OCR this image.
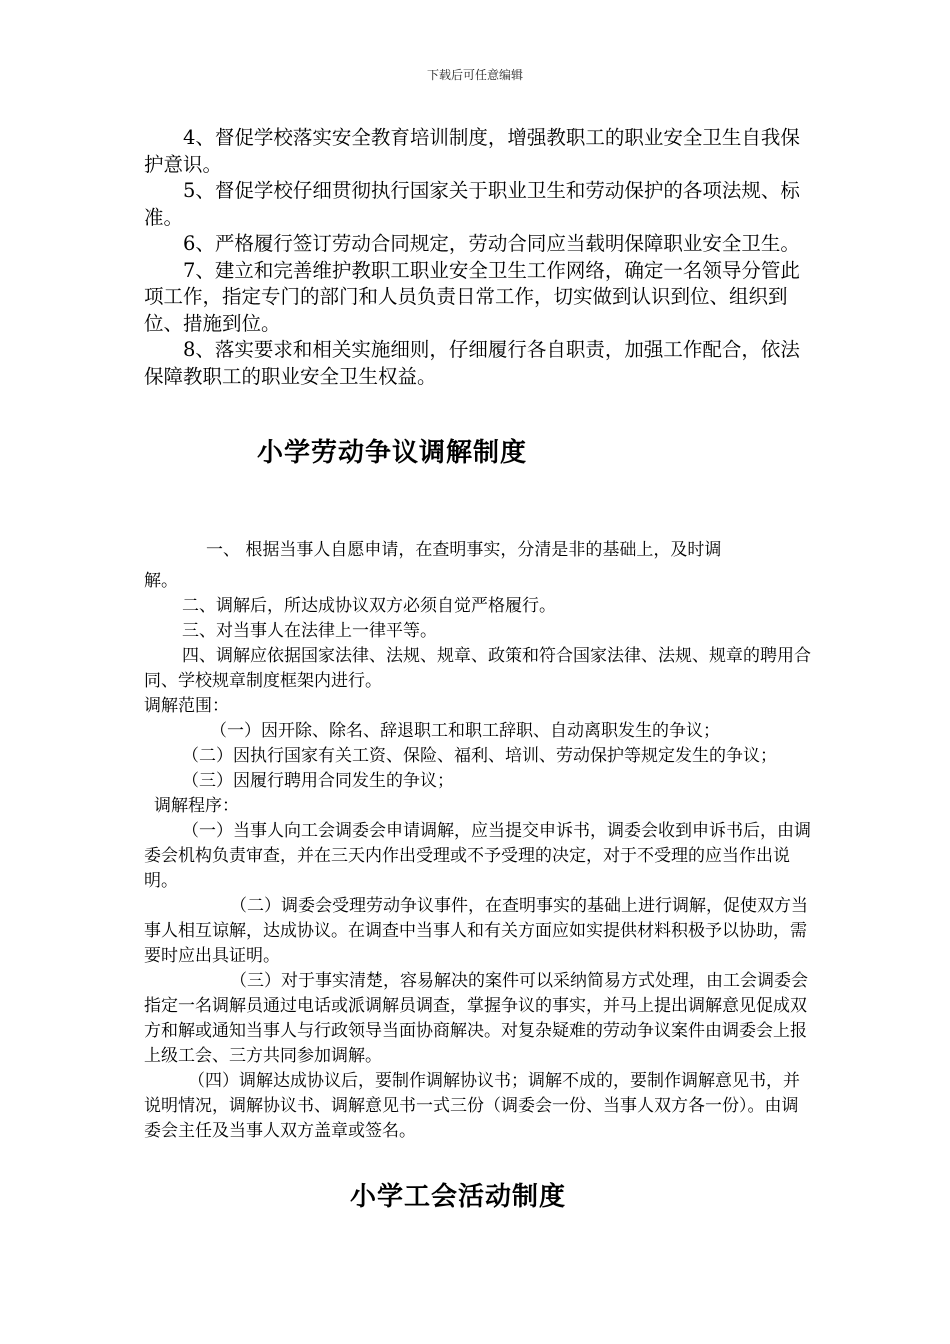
下载后可任意编辑

4、督促学校落实安全教育培训制度，增强教职工的职业安全卫生自我保护意识。

5、督促学校仔细贯彻执行国家关于职业卫生和劳动保护的各项法规、标准。

6、严格履行签订劳动合同规定，劳动合同应当载明保障职业安全卫生。

7、建立和完善维护教职工职业安全卫生工作网络，确定一名领导分管此项工作，指定专门的部门和人员负责日常工作，切实做到认识到位、组织到位、措施到位。

8、落实要求和相关实施细则，仔细履行各自职责，加强工作配合，依法保障教职工的职业安全卫生权益。

小学劳动争议调解制度

一、 根据当事人自愿申请，在查明事实，分清是非的基础上，及时调

解。

二、调解后，所达成协议双方必须自觉严格履行。

三、对当事人在法律上一律平等。

四、调解应依据国家法律、法规、规章、政策和符合国家法律、法规、规章的聘用合同、学校规章制度框架内进行。

调解范围：

（一）因开除、除名、辞退职工和职工辞职、自动离职发生的争议；

（二）因执行国家有关工资、保险、福利、培训、劳动保护等规定发生的争议；

（三）因履行聘用合同发生的争议；

调解程序：

（一）当事人向工会调委会申请调解，应当提交申诉书，调委会收到申诉书后，由调委会机构负责审查，并在三天内作出受理或不予受理的决定，对于不受理的应当作出说明。

（二）调委会受理劳动争议事件，在查明事实的基础上进行调解，促使双方当事人相互谅解，达成协议。在调查中当事人和有关方面应如实提供材料积极予以协助，需要时应出具证明。

（三）对于事实清楚，容易解决的案件可以采纳简易方式处理，由工会调委会指定一名调解员通过电话或派调解员调查，掌握争议的事实，并马上提出调解意见促成双方和解或通知当事人与行政领导当面协商解决。对复杂疑难的劳动争议案件由调委会上报上级工会、三方共同参加调解。

（四）调解达成协议后，要制作调解协议书；调解不成的，要制作调解意见书，并说明情况，调解协议书、调解意见书一式三份（调委会一份、当事人双方各一份）。由调委会主任及当事人双方盖章或签名。

小学工会活动制度
